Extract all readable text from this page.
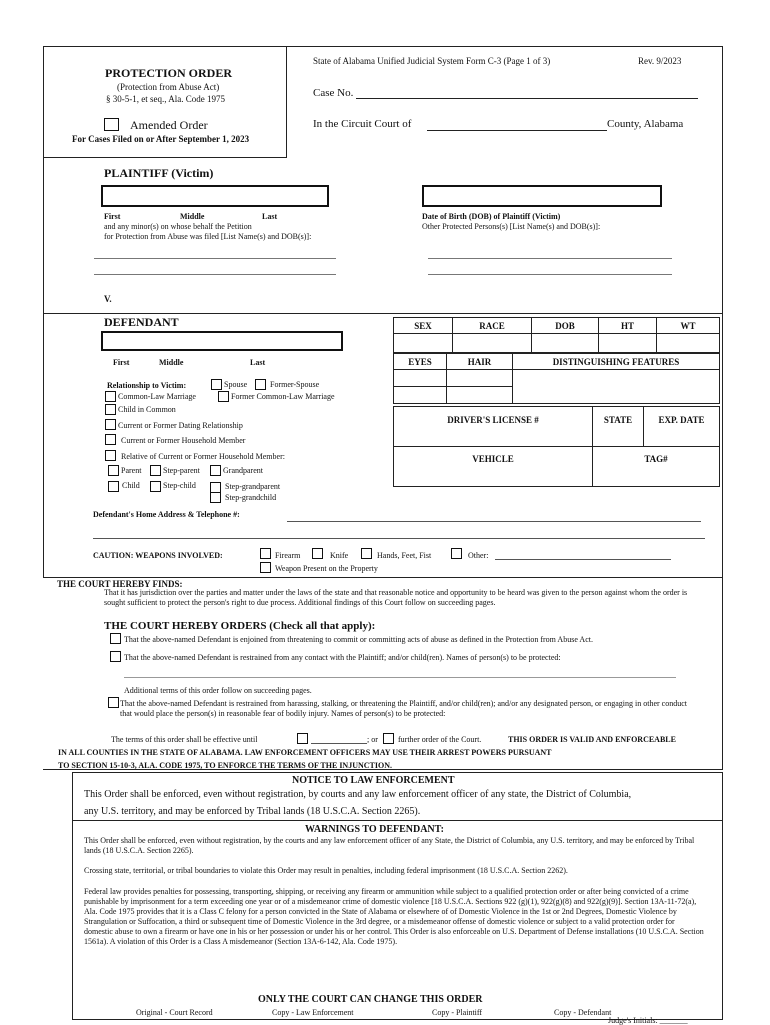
PROTECTION ORDER
(Protection from Abuse Act)
§ 30-5-1, et seq., Ala. Code 1975
Amended Order
For Cases Filed on or After September 1, 2023
State of Alabama Unified Judicial System Form C-3 (Page 1 of 3)	Rev. 9/2023
Case No.
In the Circuit Court of	County, Alabama
PLAINTIFF (Victim)
First	Middle	Last
and any minor(s) on whose behalf the Petition
for Protection from Abuse was filed [List Name(s) and DOB(s)]:
Date of Birth (DOB) of Plaintiff (Victim)
Other Protected Persons(s) [List Name(s) and DOB(s)]:
V.
DEFENDANT
First	Middle	Last
Relationship to Victim:	Spouse	Former-Spouse
Common-Law Marriage	Former Common-Law Marriage
Child in Common
Current or Former Dating Relationship
Current or Former Household Member
Relative of Current or Former Household Member:
Parent	Step-parent	Grandparent
Child	Step-child	Step-grandparent
Step-grandchild
Defendant's Home Address & Telephone #:
SEX	RACE	DOB	HT	WT

EYES	HAIR	DISTINGUISHING FEATURES

DRIVER'S LICENSE #	STATE	EXP. DATE
VEHICLE	TAG#	
CAUTION: WEAPONS INVOLVED:	Firearm	Knife	Hands, Feet, Fist	Other:
Weapon Present on the Property
THE COURT HEREBY FINDS:
That it has jurisdiction over the parties and matter under the laws of the state and that reasonable notice and opportunity to be heard was given to the person against whom the order is sought sufficient to protect the person's right to due process. Additional findings of this Court follow on succeeding pages.
THE COURT HEREBY ORDERS (Check all that apply):
That the above-named Defendant is enjoined from threatening to commit or committing acts of abuse as defined in the Protection from Abuse Act.
That the above-named Defendant is restrained from any contact with the Plaintiff; and/or child(ren). Names of person(s) to be protected:
Additional terms of this order follow on succeeding pages.
That the above-named Defendant is restrained from harassing, stalking, or threatening the Plaintiff, and/or child(ren); and/or any designated person, or engaging in other conduct that would place the person(s) in reasonable fear of bodily injury. Names of person(s) to be protected:
The terms of this order shall be effective until	; or	further order of the Court.	THIS ORDER IS VALID AND ENFORCEABLE
IN ALL COUNTIES IN THE STATE OF ALABAMA. LAW ENFORCEMENT OFFICERS MAY USE THEIR ARREST POWERS PURSUANT
TO SECTION 15-10-3, ALA. CODE 1975, TO ENFORCE THE TERMS OF THE INJUNCTION.
NOTICE TO LAW ENFORCEMENT
This Order shall be enforced, even without registration, by courts and any law enforcement officer of any state, the District of Columbia,
any U.S. territory, and may be enforced by Tribal lands (18 U.S.C.A. Section 2265).
WARNINGS TO DEFENDANT:
This Order shall be enforced, even without registration, by the courts and any law enforcement officer of any State, the District of Columbia, any U.S. territory, and may be enforced by Tribal lands (18 U.S.C.A. Section 2265).
Crossing state, territorial, or tribal boundaries to violate this Order may result in penalties, including federal imprisonment (18 U.S.C.A. Section 2262).
Federal law provides penalties for possessing, transporting, shipping, or receiving any firearm or ammunition while subject to a qualified protection order or after being convicted of a crime punishable by imprisonment for a term exceeding one year or of a misdemeanor crime of domestic violence [18 U.S.C.A. Sections 922 (g)(1), 922(g)(8) and 922(g)(9)]. Section 13A-11-72(a), Ala. Code 1975 provides that it is a Class C felony for a person convicted in the State of Alabama or elsewhere of of Domestic Violence in the 1st or 2nd Degrees, Domestic Violence by Strangulation or Suffocation, a third or subsequent time of Domestic Violence in the 3rd degree, or a misdemeanor offense of domestic violence or subject to a valid protection order for domestic abuse to own a firearm or have one in his or her possession or under his or her control. This Order is also enforceable on U.S. Department of Defense installations (10 U.S.C.A. Section 1561a). A violation of this Order is a Class A misdemeanor (Section 13A-6-142, Ala. Code 1975).
ONLY THE COURT CAN CHANGE THIS ORDER
Original - Court Record	Copy - Law Enforcement	Copy - Plaintiff	Copy - Defendant
Judge's Initials: _______
